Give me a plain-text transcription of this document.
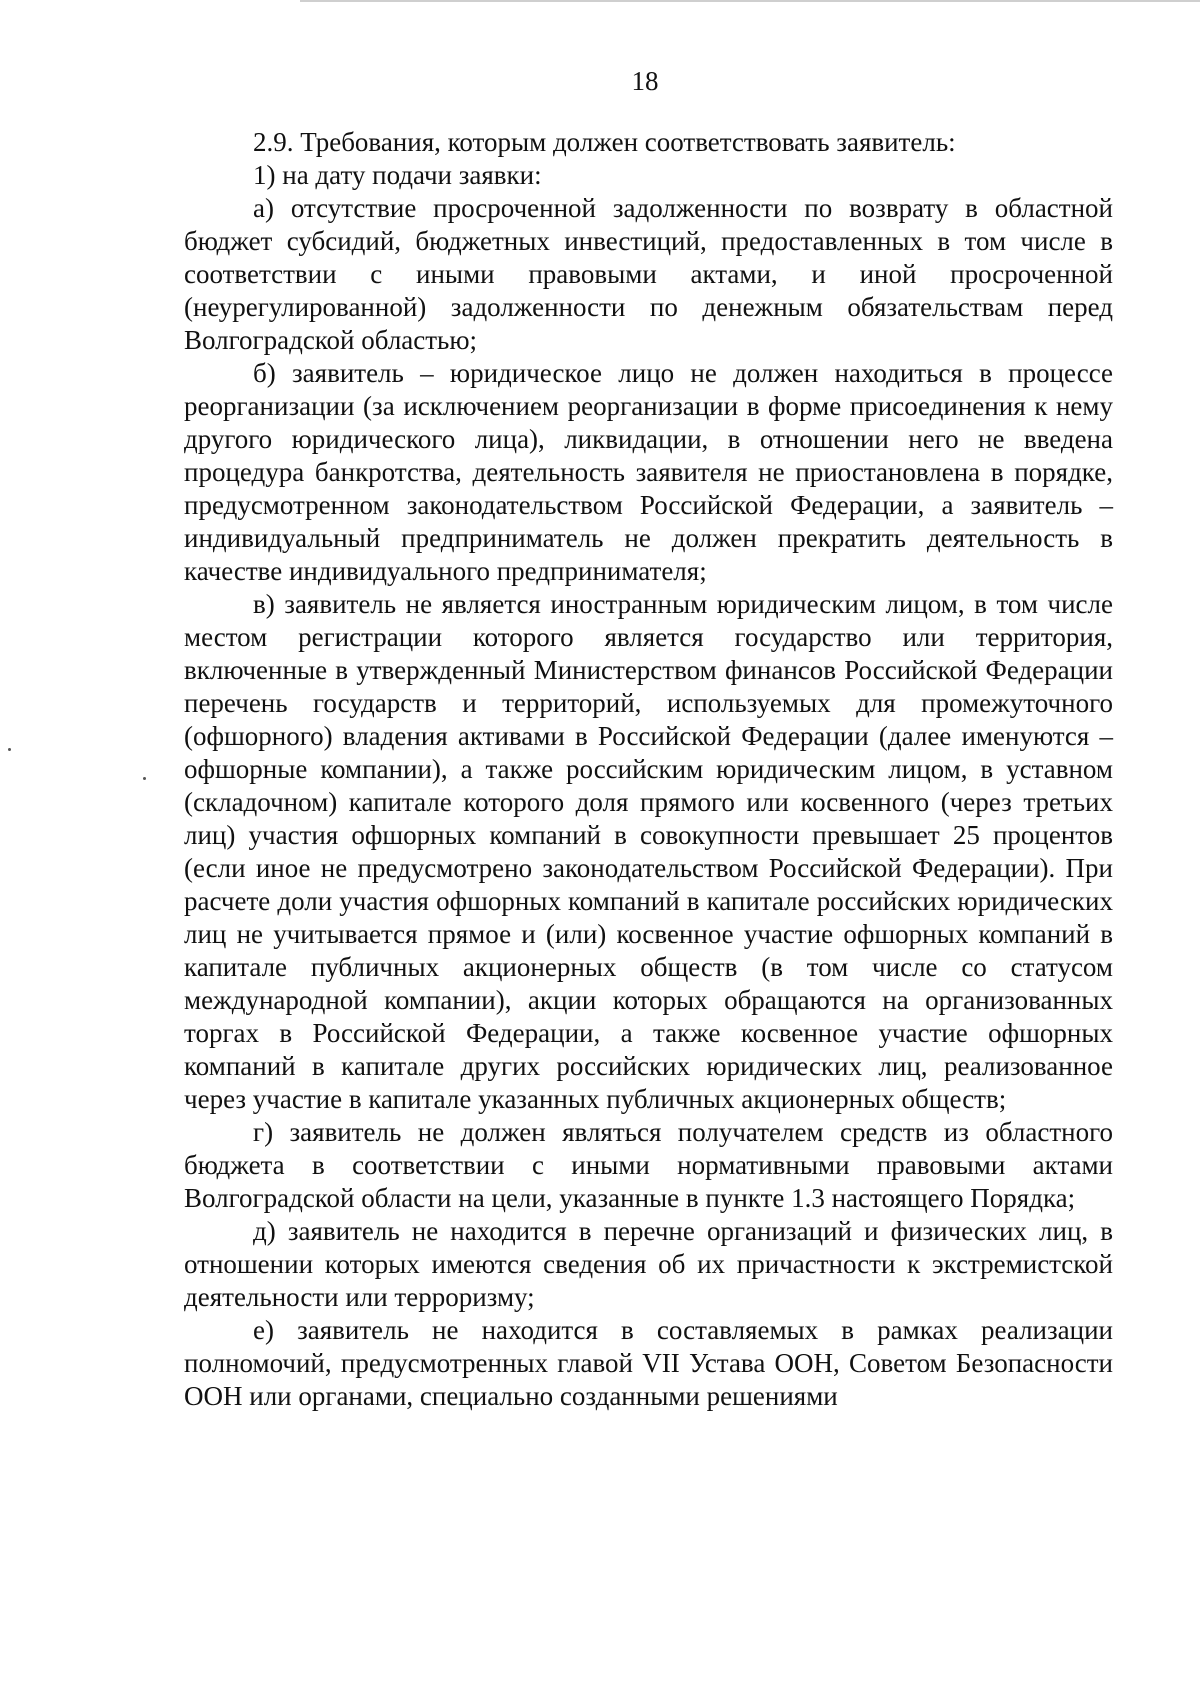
18

2.9. Требования, которым должен соответствовать заявитель:

1) на дату подачи заявки:

а) отсутствие просроченной задолженности по возврату в областной бюджет субсидий, бюджетных инвестиций, предоставленных в том числе в соответствии с иными правовыми актами, и иной просроченной (неурегулированной) задолженности по денежным обязательствам перед Волгоградской областью;

б) заявитель – юридическое лицо не должен находиться в процессе реорганизации (за исключением реорганизации в форме присоединения к нему другого юридического лица), ликвидации, в отношении него не введена процедура банкротства, деятельность заявителя не приостановлена в порядке, предусмотренном законодательством Российской Федерации, а заявитель – индивидуальный предприниматель не должен прекратить деятельность в качестве индивидуального предпринимателя;

в) заявитель не является иностранным юридическим лицом, в том числе местом регистрации которого является государство или территория, включенные в утвержденный Министерством финансов Российской Федерации перечень государств и территорий, используемых для промежуточного (офшорного) владения активами в Российской Федерации (далее именуются – офшорные компании), а также российским юридическим лицом, в уставном (складочном) капитале которого доля прямого или косвенного (через третьих лиц) участия офшорных компаний в совокупности превышает 25 процентов (если иное не предусмотрено законодательством Российской Федерации). При расчете доли участия офшорных компаний в капитале российских юридических лиц не учитывается прямое и (или) косвенное участие офшорных компаний в капитале публичных акционерных обществ (в том числе со статусом международной компании), акции которых обращаются на организованных торгах в Российской Федерации, а также косвенное участие офшорных компаний в капитале других российских юридических лиц, реализованное через участие в капитале указанных публичных акционерных обществ;

г) заявитель не должен являться получателем средств из областного бюджета в соответствии с иными нормативными правовыми актами Волгоградской области на цели, указанные в пункте 1.3 настоящего Порядка;

д) заявитель не находится в перечне организаций и физических лиц, в отношении которых имеются сведения об их причастности к экстремистской деятельности или терроризму;

е) заявитель не находится в составляемых в рамках реализации полномочий, предусмотренных главой VII Устава ООН, Советом Безопасности ООН или органами, специально созданными решениями
